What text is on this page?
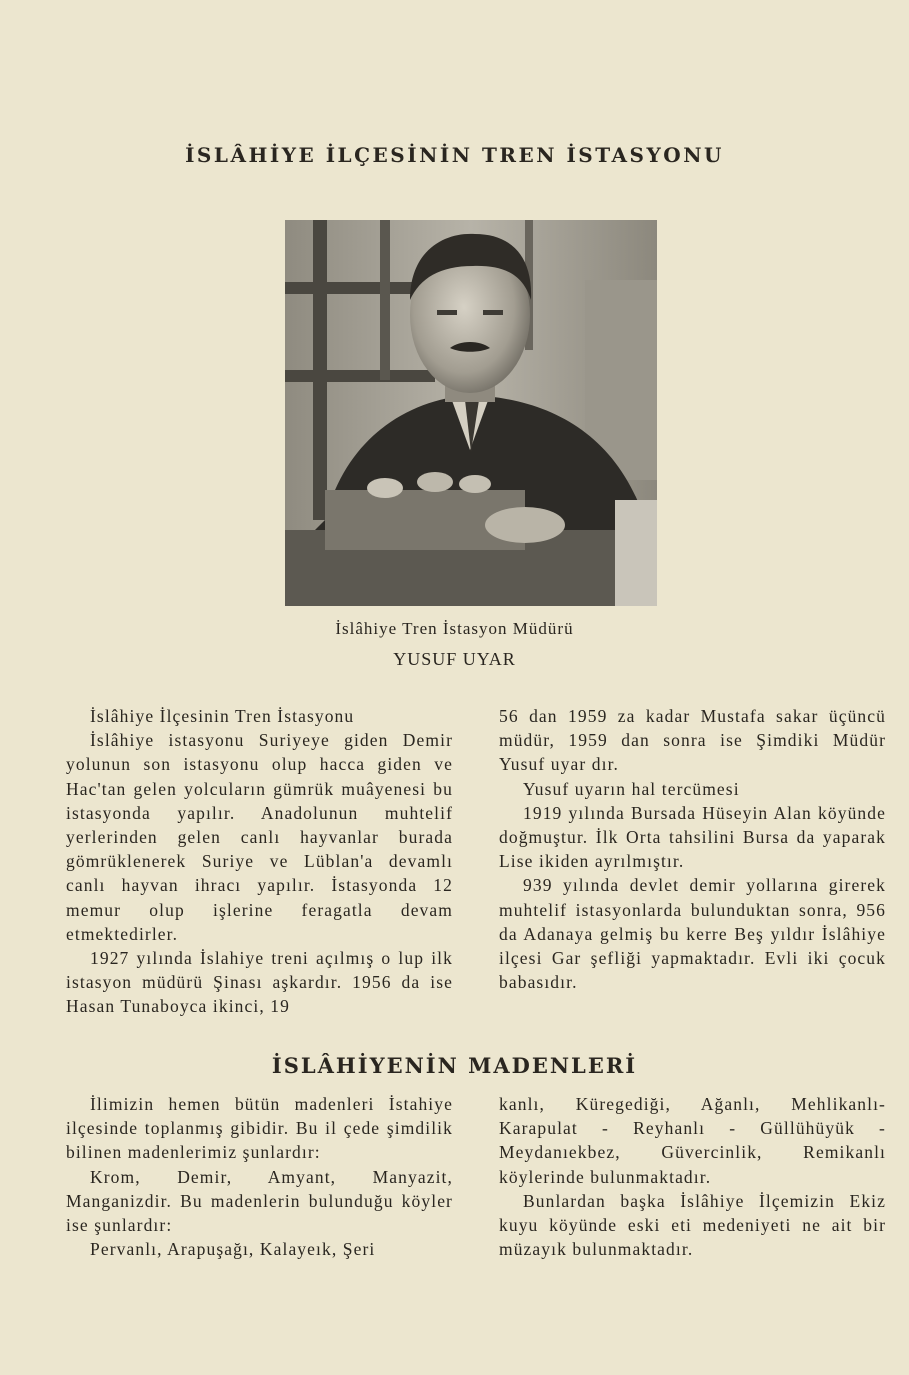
İSLÂHİYE İLÇESİNİN TREN İSTASYONU
İslâhiye Tren İstasyon Müdürü
YUSUF UYAR

İslâhiye İlçesinin Tren İstasyonu

İslâhiye istasyonu Suriyeye giden Demir yolunun son istasyonu olup hacca giden ve Hac'tan gelen yolcuların gümrük muâyenesi bu istasyonda yapılır. Anadolunun muhtelif yerlerinden gelen canlı hayvanlar burada gömrüklenerek Suriye ve Lüblan'a devamlı canlı hayvan ihracı yapılır. İstasyonda 12 memur olup işlerine feragatla devam etmektedirler.

1927 yılında İslahiye treni açılmış o lup ilk istasyon müdürü Şinası aşkardır. 1956 da ise Hasan Tunaboyca ikinci, 19

56 dan 1959 za kadar Mustafa sakar üçüncü müdür, 1959 dan sonra ise Şimdiki Müdür Yusuf uyar dır.

Yusuf uyarın hal tercümesi

1919 yılında Bursada Hüseyin Alan köyünde doğmuştur. İlk Orta tahsilini Bursa da yaparak Lise ikiden ayrılmıştır.

939 yılında devlet demir yollarına girerek muhtelif istasyonlarda bulunduktan sonra, 956 da Adanaya gelmiş bu kerre Beş yıldır İslâhiye ilçesi Gar şefliği yapmaktadır. Evli iki çocuk babasıdır.

İSLÂHİYENİN MADENLERİ

İlimizin hemen bütün madenleri İstahiye ilçesinde toplanmış gibidir. Bu il çede şimdilik bilinen madenlerimiz şunlardır:

Krom, Demir, Amyant, Manyazit, Manganizdir. Bu madenlerin bulunduğu köyler ise şunlardır:

Pervanlı, Arapuşağı, Kalayeık, Şeri

kanlı, Küregediği, Ağanlı, Mehlikanlı-Karapulat - Reyhanlı - Güllühüyük - Meydanıekbez, Güvercinlik, Remikanlı köylerinde bulunmaktadır.

Bunlardan başka İslâhiye İlçemizin Ekiz kuyu köyünde eski eti medeniyeti ne ait bir müzayık bulunmaktadır.
